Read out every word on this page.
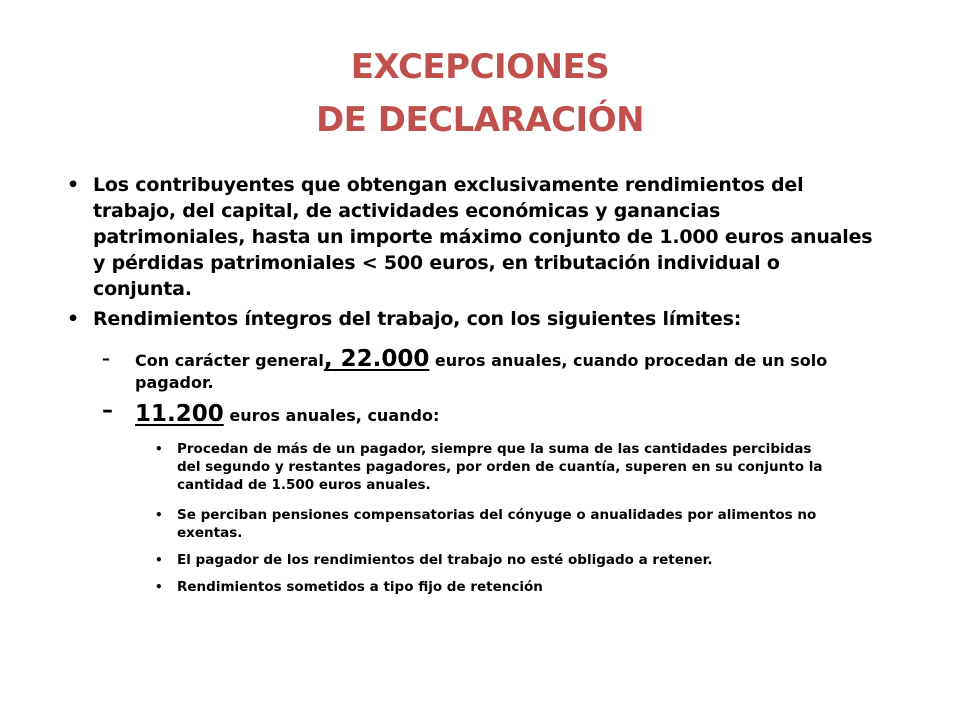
EXCEPCIONES
DE DECLARACIÓN
• Los contribuyentes que obtengan exclusivamente rendimientos del trabajo, del capital, de actividades económicas y ganancias patrimoniales, hasta un importe máximo conjunto de 1.000 euros anuales y pérdidas patrimoniales < 500 euros, en tributación individual o conjunta.
• Rendimientos íntegros del trabajo, con los siguientes límites:
– Con carácter general, 22.000 euros anuales, cuando procedan de un solo pagador.
– 11.200 euros anuales, cuando:
• Procedan de más de un pagador, siempre que la suma de las cantidades percibidas del segundo y restantes pagadores, por orden de cuantía, superen en su conjunto la cantidad de 1.500 euros anuales.
• Se perciban pensiones compensatorias del cónyuge o anualidades por alimentos no exentas.
• El pagador de los rendimientos del trabajo no esté obligado a retener.
• Rendimientos sometidos a tipo fijo de retención
